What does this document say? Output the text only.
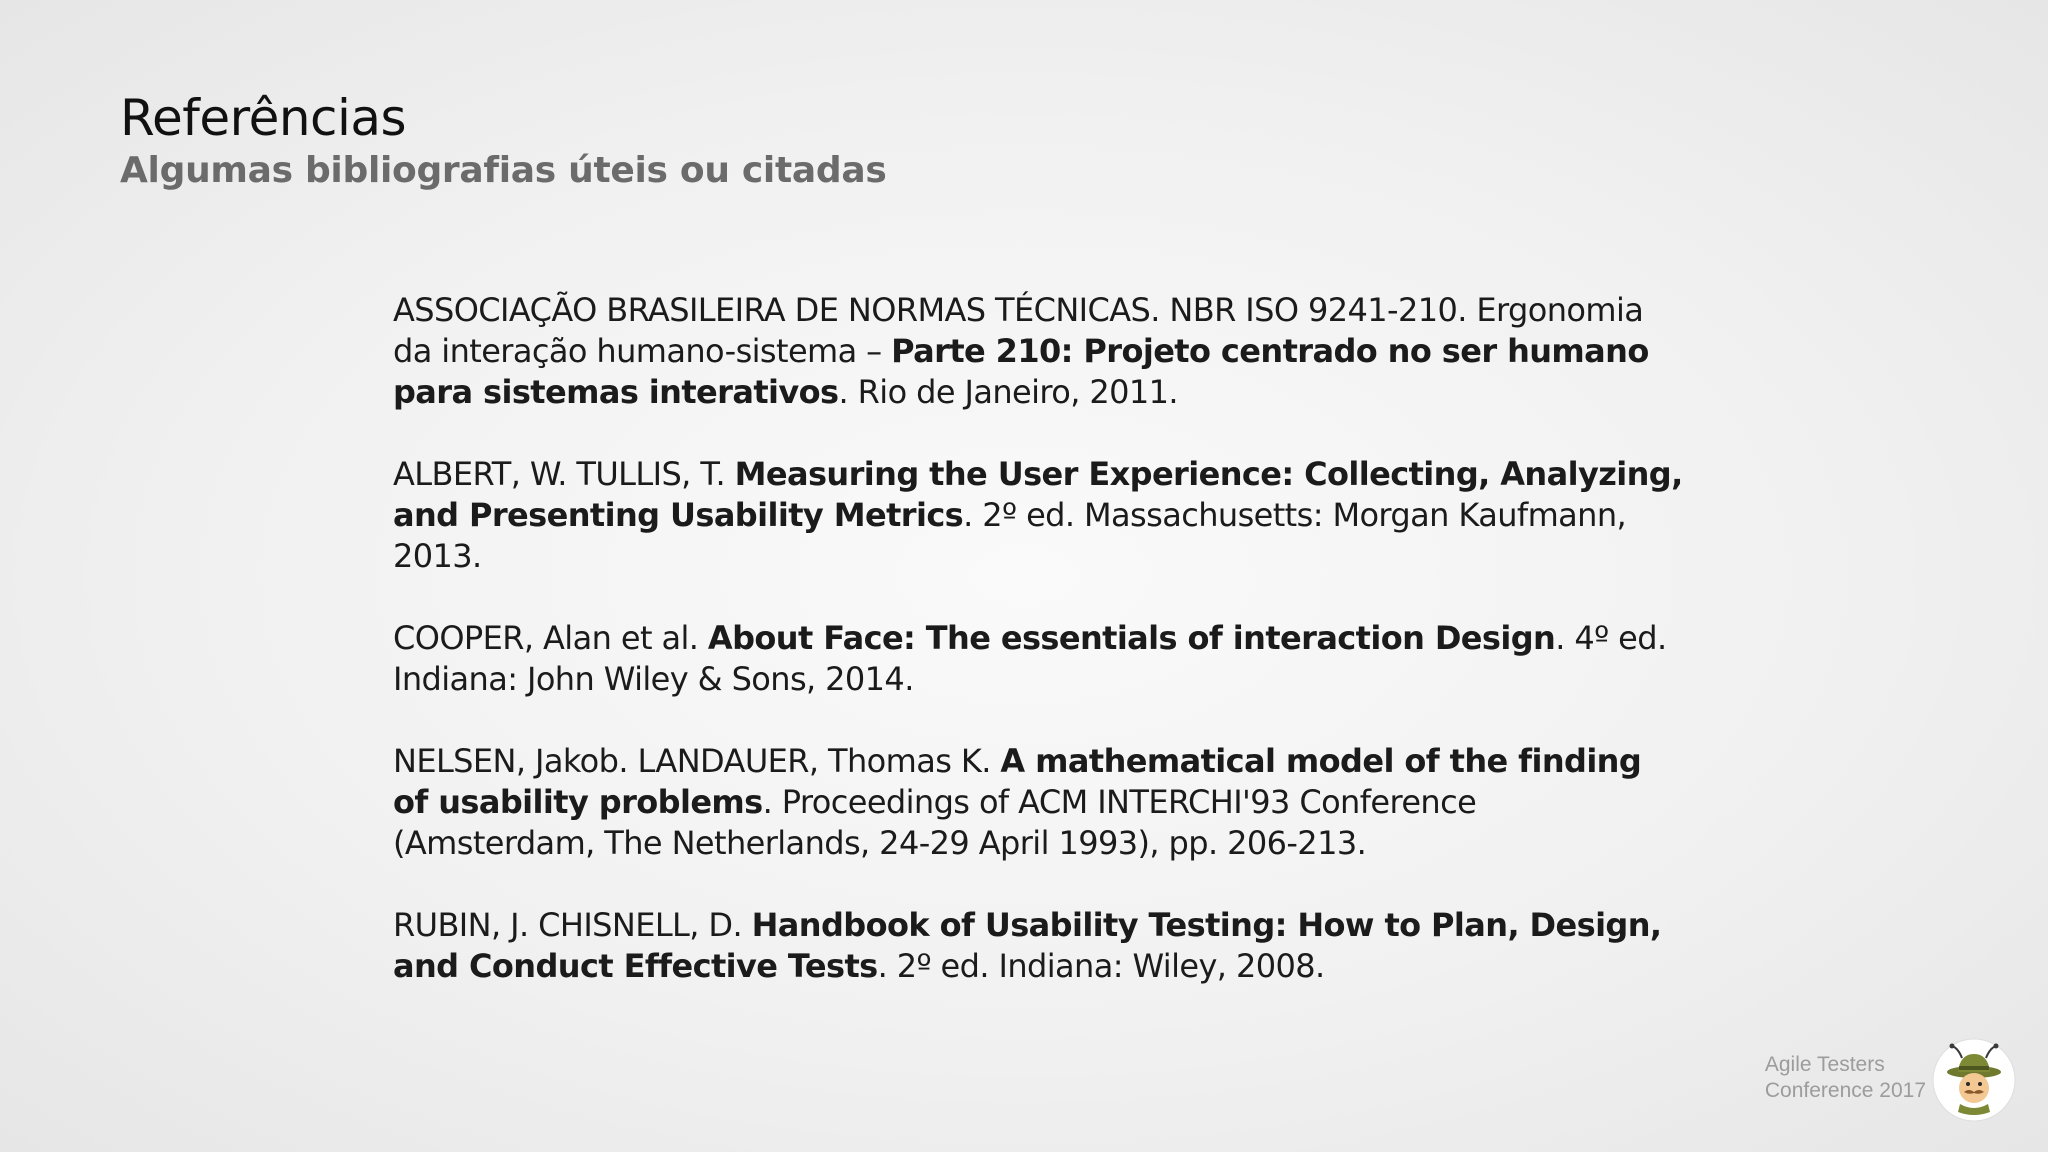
Referências
Algumas bibliografias úteis ou citadas
ASSOCIAÇÃO BRASILEIRA DE NORMAS TÉCNICAS. NBR ISO 9241-210. Ergonomia da interação humano-sistema – Parte 210: Projeto centrado no ser humano para sistemas interativos. Rio de Janeiro, 2011.
ALBERT, W. TULLIS, T. Measuring the User Experience: Collecting, Analyzing, and Presenting Usability Metrics. 2º ed. Massachusetts: Morgan Kaufmann, 2013.
COOPER, Alan et al. About Face: The essentials of interaction Design. 4º ed. Indiana: John Wiley & Sons, 2014.
NELSEN, Jakob. LANDAUER, Thomas K. A mathematical model of the finding of usability problems. Proceedings of ACM INTERCHI'93 Conference (Amsterdam, The Netherlands, 24-29 April 1993), pp. 206-213.
RUBIN, J. CHISNELL, D. Handbook of Usability Testing: How to Plan, Design, and Conduct Effective Tests. 2º ed. Indiana: Wiley, 2008.
Agile Testers
Conference 2017
